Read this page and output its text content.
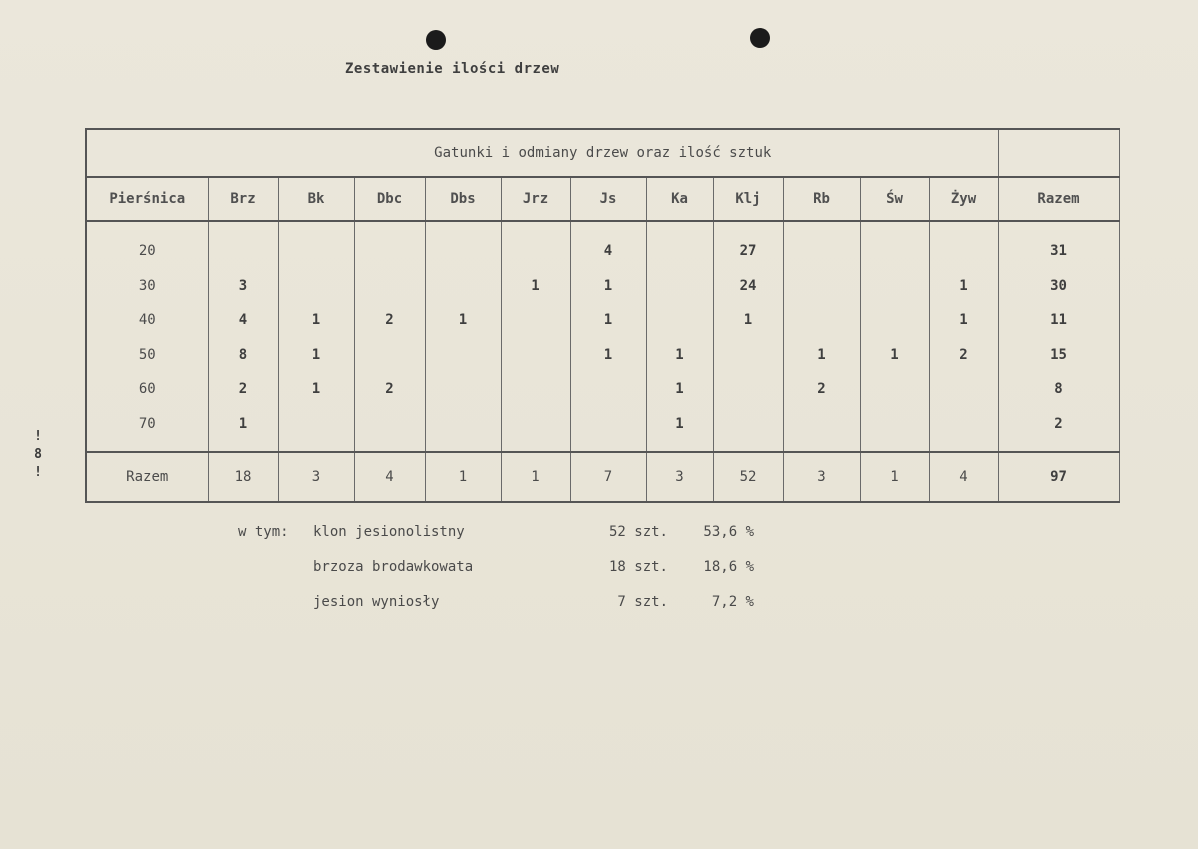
Zestawienie ilości drzew
!
8
!
	Gatunki i odmiany drzew oraz ilość sztuk											
Pierśnica	Brz	Bk	Dbc	Dbs	Jrz	Js	Ka	Klj	Rb	Św	Żyw	Razem

20						4		27				31
30	3				1	1		24			1	30
40	4	1	2	1		1		1			1	11
50	8	1				1	1		1	1	2	15
60	2	1	2				1		2			8
70	1						1					2

Razem	18	3	4	1	1	7	3	52	3	1	4	97
w tym: klon jesionolistny	52 szt.	53,6 %
brzoza brodawkowata	18 szt.	18,6 %
jesion wyniosły	7 szt.	7,2 %
